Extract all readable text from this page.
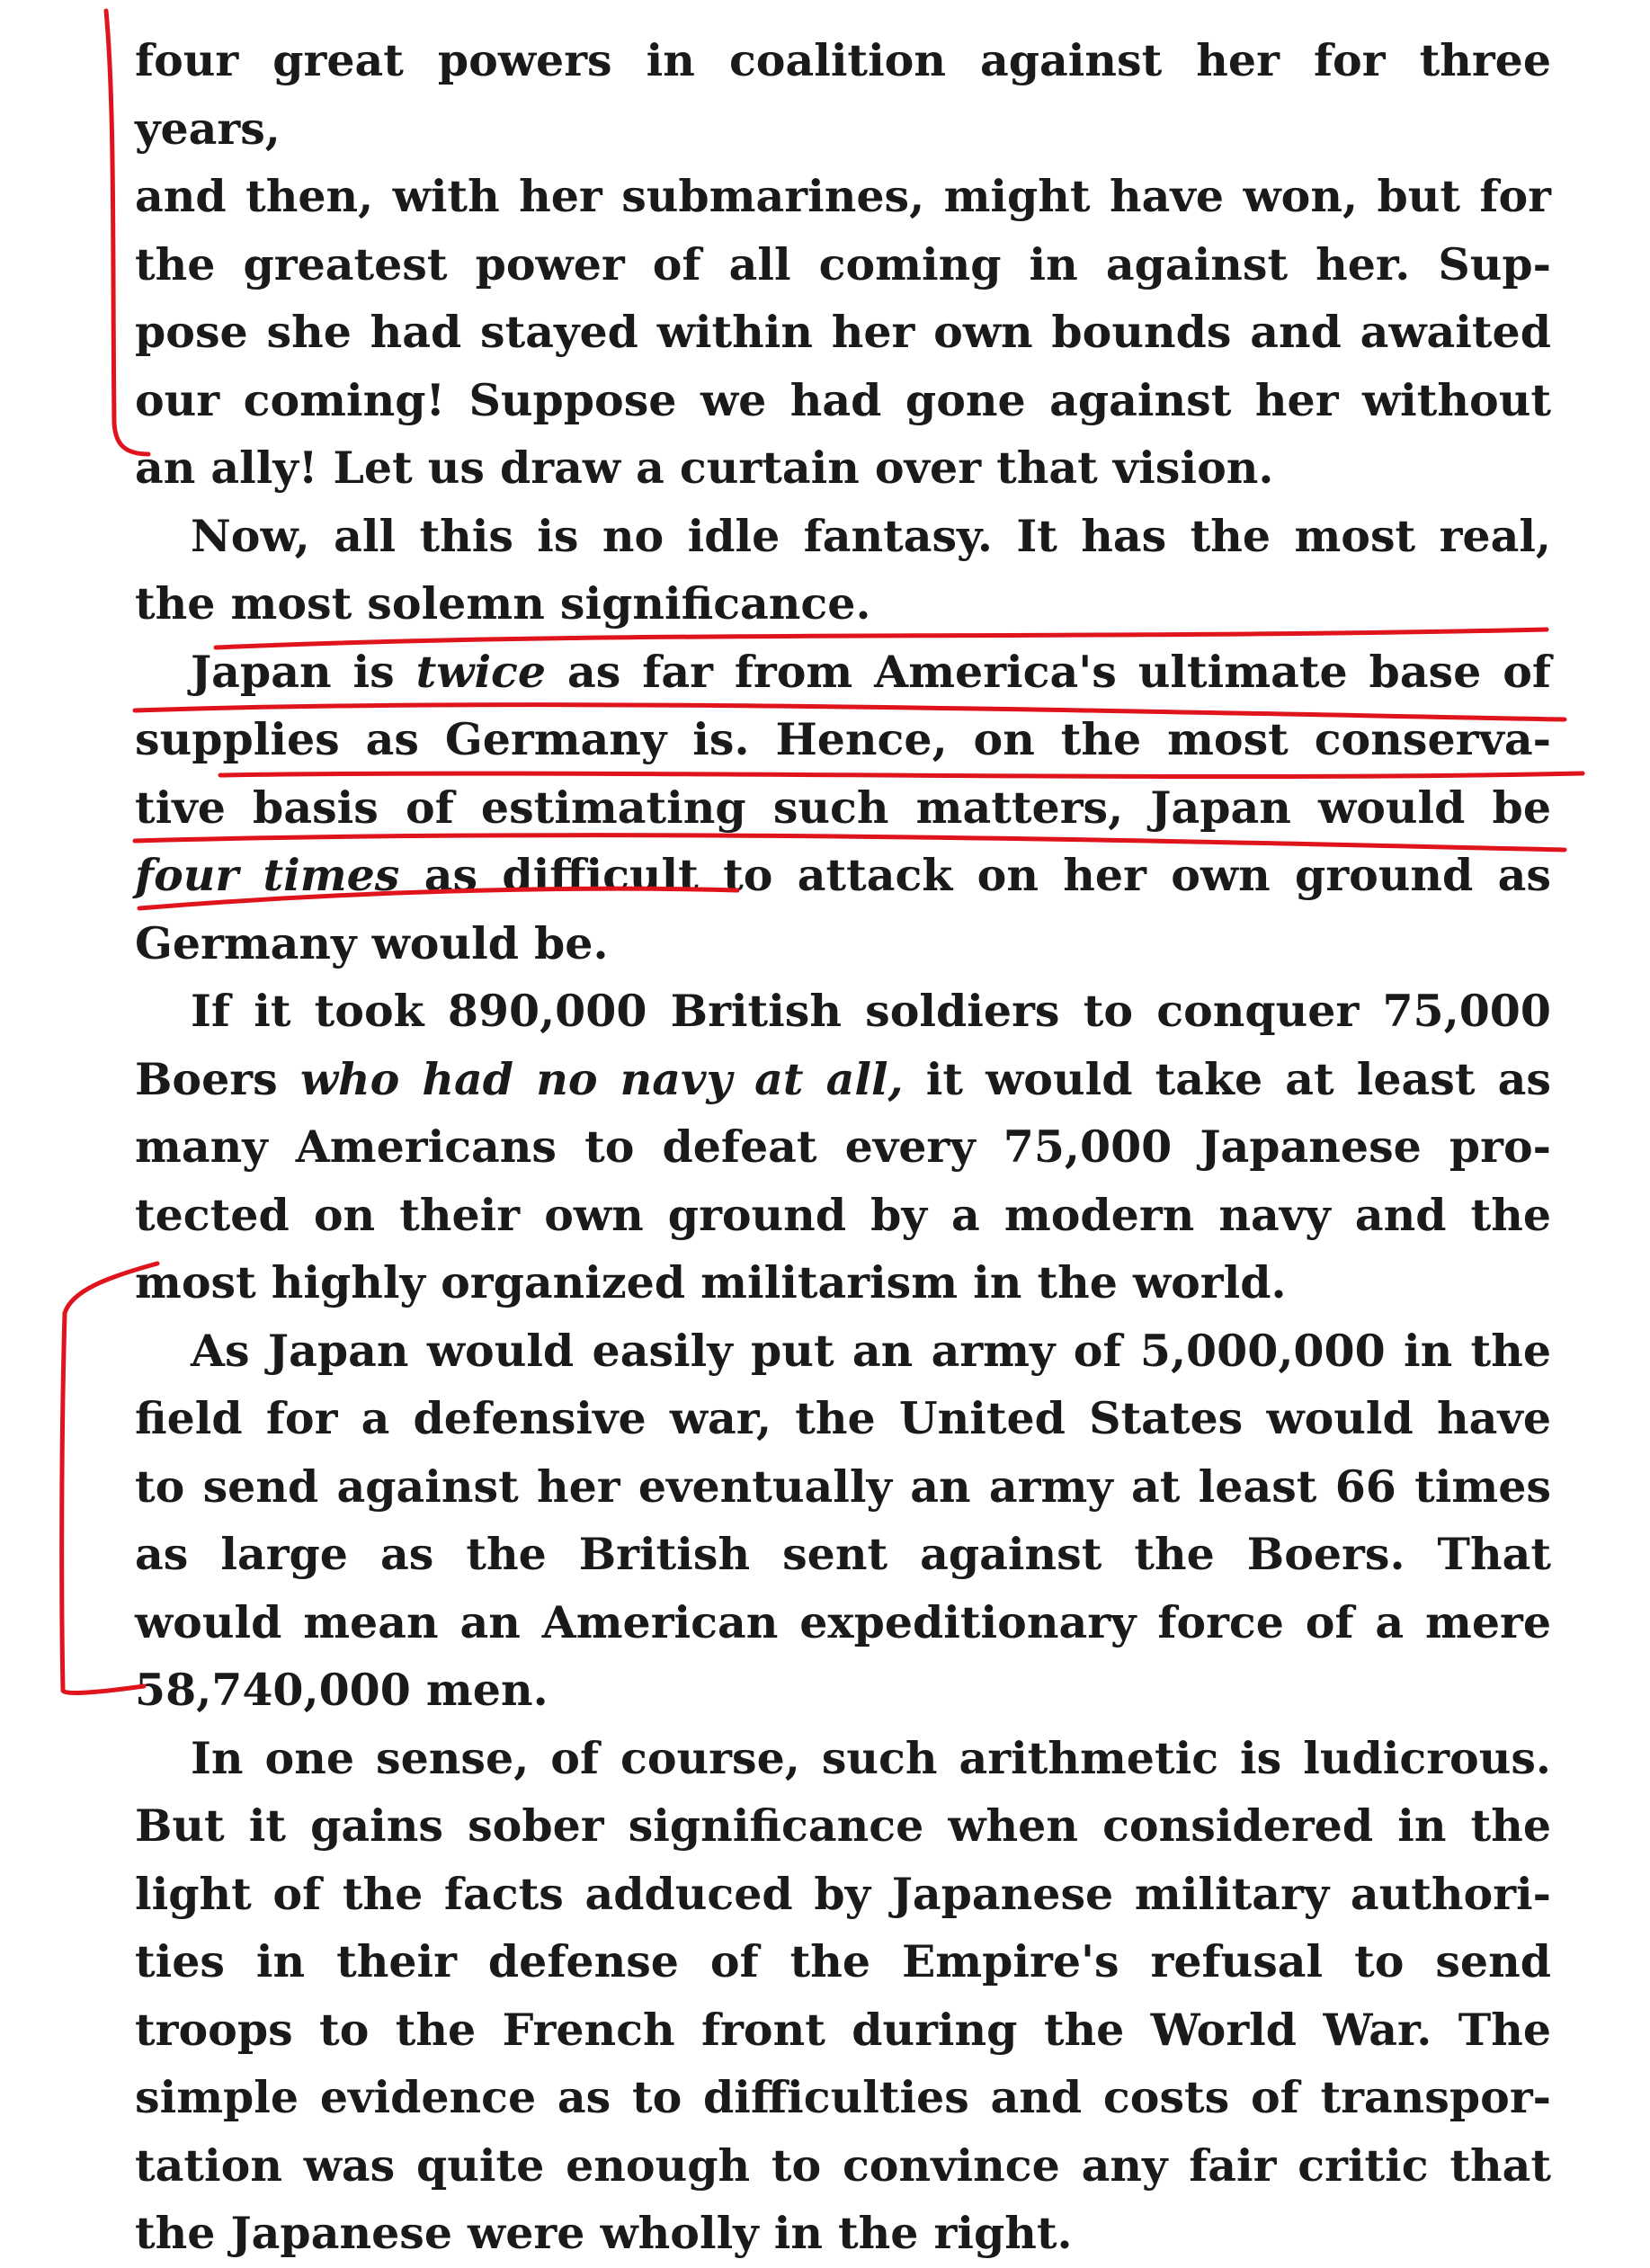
four great powers in coalition against her for three years,
and then, with her submarines, might have won, but for
the greatest power of all coming in against her. Sup-
pose she had stayed within her own bounds and awaited
our coming! Suppose we had gone against her without
an ally! Let us draw a curtain over that vision.

Now, all this is no idle fantasy. It has the most real,
the most solemn significance.

Japan is twice as far from America's ultimate base of
supplies as Germany is. Hence, on the most conserva-
tive basis of estimating such matters, Japan would be
four times as difficult to attack on her own ground as
Germany would be.

If it took 890,000 British soldiers to conquer 75,000
Boers who had no navy at all, it would take at least as
many Americans to defeat every 75,000 Japanese pro-
tected on their own ground by a modern navy and the
most highly organized militarism in the world.

As Japan would easily put an army of 5,000,000 in the
field for a defensive war, the United States would have
to send against her eventually an army at least 66 times
as large as the British sent against the Boers. That
would mean an American expeditionary force of a mere
58,740,000 men.

In one sense, of course, such arithmetic is ludicrous.
But it gains sober significance when considered in the
light of the facts adduced by Japanese military authori-
ties in their defense of the Empire's refusal to send
troops to the French front during the World War. The
simple evidence as to difficulties and costs of transpor-
tation was quite enough to convince any fair critic that
the Japanese were wholly in the right.
